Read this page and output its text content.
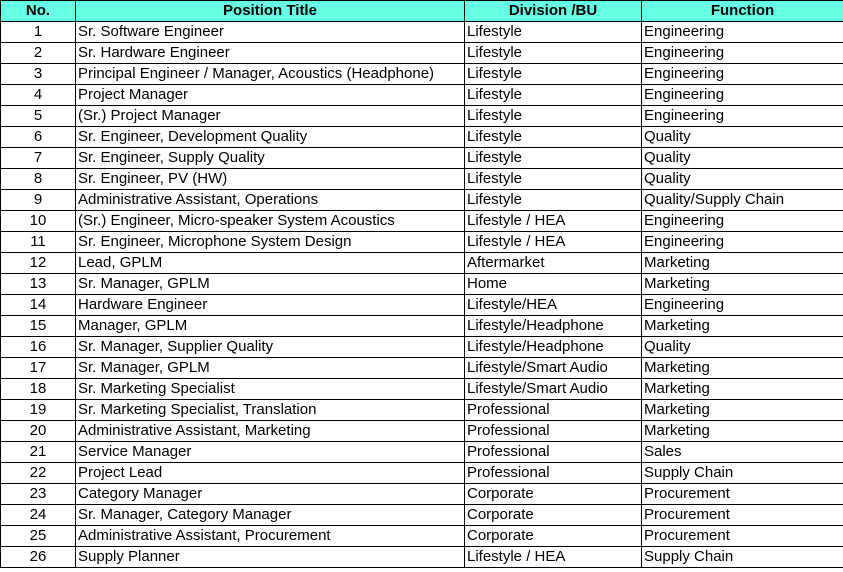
No.	Position Title	Division /BU	Function
1	Sr. Software Engineer	Lifestyle	Engineering
2	Sr. Hardware Engineer	Lifestyle	Engineering
3	Principal Engineer / Manager, Acoustics (Headphone)	Lifestyle	Engineering
4	Project Manager	Lifestyle	Engineering
5	(Sr.) Project Manager	Lifestyle	Engineering
6	Sr. Engineer, Development Quality	Lifestyle	Quality
7	Sr. Engineer, Supply Quality	Lifestyle	Quality
8	Sr. Engineer, PV (HW)	Lifestyle	Quality
9	Administrative Assistant, Operations	Lifestyle	Quality/Supply Chain
10	(Sr.) Engineer, Micro-speaker System Acoustics	Lifestyle / HEA	Engineering
11	Sr. Engineer, Microphone System Design	Lifestyle / HEA	Engineering
12	Lead, GPLM	Aftermarket	Marketing
13	Sr. Manager, GPLM	Home	Marketing
14	Hardware Engineer	Lifestyle/HEA	Engineering
15	Manager, GPLM	Lifestyle/Headphone	Marketing
16	Sr. Manager, Supplier Quality	Lifestyle/Headphone	Quality
17	Sr. Manager, GPLM	Lifestyle/Smart Audio	Marketing
18	Sr. Marketing Specialist	Lifestyle/Smart Audio	Marketing
19	Sr. Marketing Specialist, Translation	Professional	Marketing
20	Administrative Assistant, Marketing	Professional	Marketing
21	Service Manager	Professional	Sales
22	Project Lead	Professional	Supply Chain
23	Category Manager	Corporate	Procurement
24	Sr. Manager, Category Manager	Corporate	Procurement
25	Administrative Assistant, Procurement	Corporate	Procurement
26	Supply Planner	Lifestyle / HEA	Supply Chain
